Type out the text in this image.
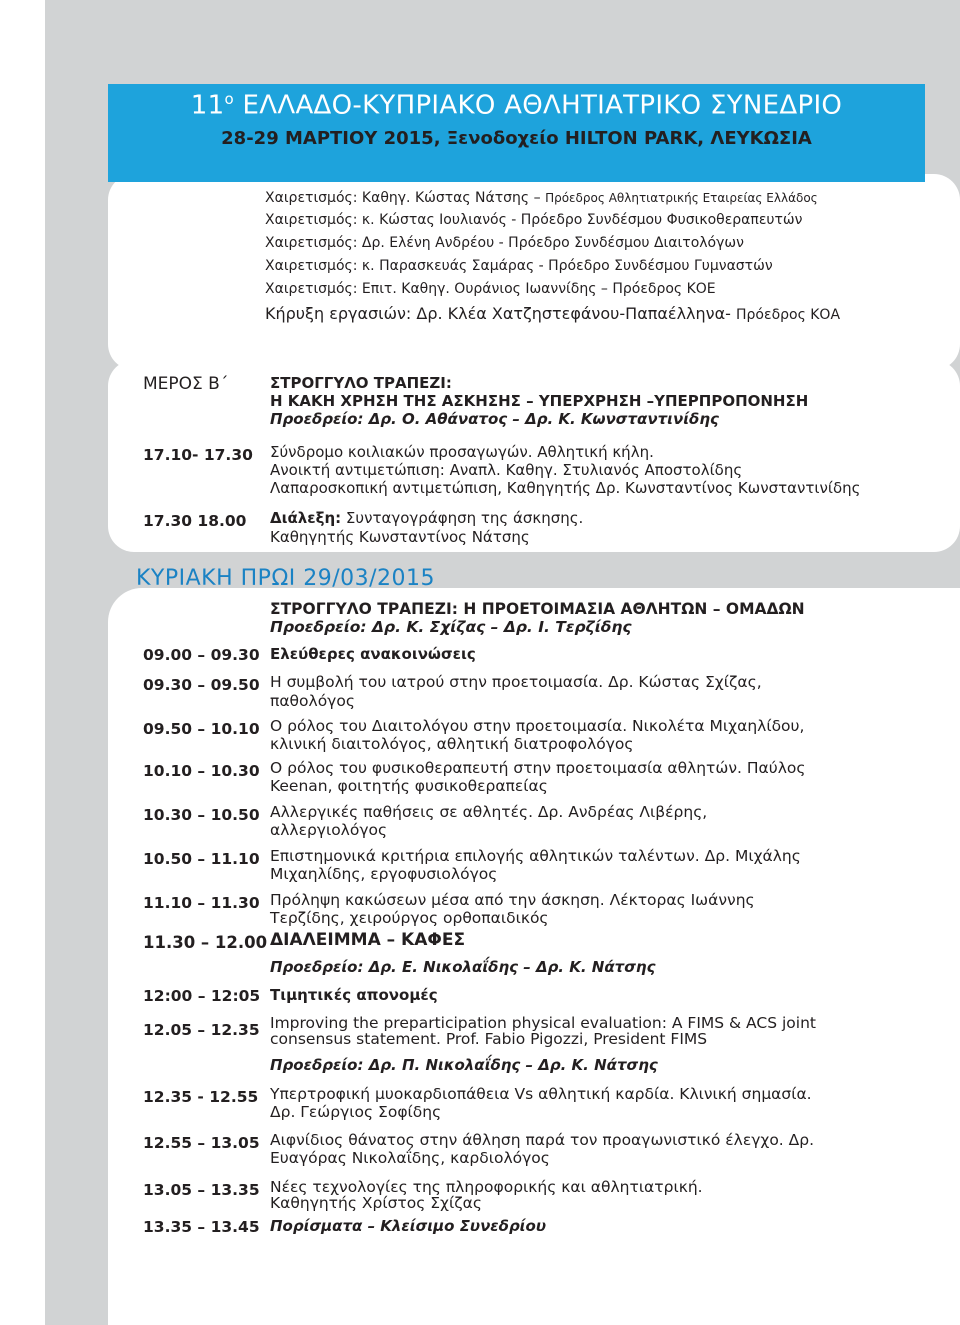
$11^o$ ΕΛΛΑΔΟ-ΚΥΠΡΙΑΚΟ ΑΘΛΗΤΙΑΤΡΙΚΟ ΣΥΝΕΔΡΙΟ
28-29 ΜΑΡΤΙΟΥ 2015, Ξενοδοχείο HILTON PARK, ΛΕΥΚΩΣΙΑ
Χαιρετισμός: Καθηγ. Κώστας Νάτσης – Πρόεδρος Αθλητιατρικής Εταιρείας Ελλάδος
Χαιρετισμός: κ. Κώστας Ιουλιανός - Πρόεδρο Συνδέσμου Φυσικοθεραπευτών
Χαιρετισμός: Δρ. Ελένη Ανδρέου - Πρόεδρο Συνδέσμου Διαιτολόγων
Χαιρετισμός: κ. Παρασκευάς Σαμάρας - Πρόεδρο Συνδέσμου Γυμναστών
Χαιρετισμός: Επιτ. Καθηγ. Ουράνιος Ιωαννίδης – Πρόεδρος ΚΟΕ
Κήρυξη εργασιών: Δρ. Κλέα Χατζηστεφάνου-Παπαέλληνα- Πρόεδρος ΚΟΑ
ΜΕΡΟΣ Β΄	ΣΤΡΟΓΓΥΛΟ ΤΡΑΠΕΖΙ:
Η ΚΑΚΗ ΧΡΗΣΗ ΤΗΣ ΑΣΚΗΣΗΣ – ΥΠΕΡΧΡΗΣΗ –ΥΠΕΡΠΡΟΠΟΝΗΣΗ
Προεδρείο: Δρ. Ο. Αθάνατος – Δρ. Κ. Κωνσταντινίδης
17.10- 17.30 Σύνδρομο κοιλιακών προσαγωγών. Αθλητική κήλη.
Ανοικτή αντιμετώπιση: Αναπλ. Καθηγ. Στυλιανός Αποστολίδης
Λαπαροσκοπική αντιμετώπιση, Καθηγητής Δρ. Κωνσταντίνος Κωνσταντινίδης
17.30 18.00 Διάλεξη: Συνταγογράφηση της άσκησης.
Καθηγητής Κωνσταντίνος Νάτσης
ΚΥΡΙΑΚΗ ΠΡΩΙ 29/03/2015
ΣΤΡΟΓΓΥΛΟ ΤΡΑΠΕΖΙ: Η ΠΡΟΕΤΟΙΜΑΣΙΑ ΑΘΛΗΤΩΝ – ΟΜΑΔΩΝ
Προεδρείο: Δρ. Κ. Σχίζας – Δρ. Ι. Τερζίδης
09.00 – 09.30 Ελεύθερες ανακοινώσεις
09.30 – 09.50 Η συμβολή του ιατρού στην προετοιμασία. Δρ. Κώστας Σχίζας,
παθολόγος
09.50 – 10.10 Ο ρόλος του Διαιτολόγου στην προετοιμασία. Νικολέτα Μιχαηλίδου,
κλινική διαιτολόγος, αθλητική διατροφολόγος
10.10 – 10.30 Ο ρόλος του φυσικοθεραπευτή στην προετοιμασία αθλητών. Παύλος
Keenan, φοιτητής φυσικοθεραπείας
10.30 – 10.50 Αλλεργικές παθήσεις σε αθλητές. Δρ. Ανδρέας Λιβέρης,
αλλεργιολόγος
10.50 – 11.10 Επιστημονικά κριτήρια επιλογής αθλητικών ταλέντων. Δρ. Μιχάλης
Μιχαηλίδης, εργοφυσιολόγος
11.10 – 11.30 Πρόληψη κακώσεων μέσα από την άσκηση. Λέκτορας Ιωάννης
Τερζίδης, χειρούργος ορθοπαιδικός
11.30 – 12.00 ΔΙΑΛΕΙΜΜΑ – ΚΑΦΕΣ
Προεδρείο: Δρ. Ε. Νικολαΐδης – Δρ. Κ. Νάτσης
12:00 – 12:05 Τιμητικές απονομές
12.05 – 12.35 Improving the preparticipation physical evaluation: A FIMS & ACS joint
consensus statement. Prof. Fabio Pigozzi, President FIMS
Προεδρείο: Δρ. Π. Νικολαΐδης – Δρ. Κ. Νάτσης
12.35 - 12.55 Υπερτροφική μυοκαρδιοπάθεια Vs αθλητική καρδία. Κλινική σημασία.
Δρ. Γεώργιος Σοφίδης
12.55 – 13.05 Αιφνίδιος θάνατος στην άθληση παρά τον προαγωνιστικό έλεγχο. Δρ.
Ευαγόρας Νικολαΐδης, καρδιολόγος
13.05 – 13.35 Νέες τεχνολογίες της πληροφορικής και αθλητιατρική.
Καθηγητής Χρίστος Σχίζας
13.35 – 13.45 Πορίσματα – Κλείσιμο Συνεδρίου
